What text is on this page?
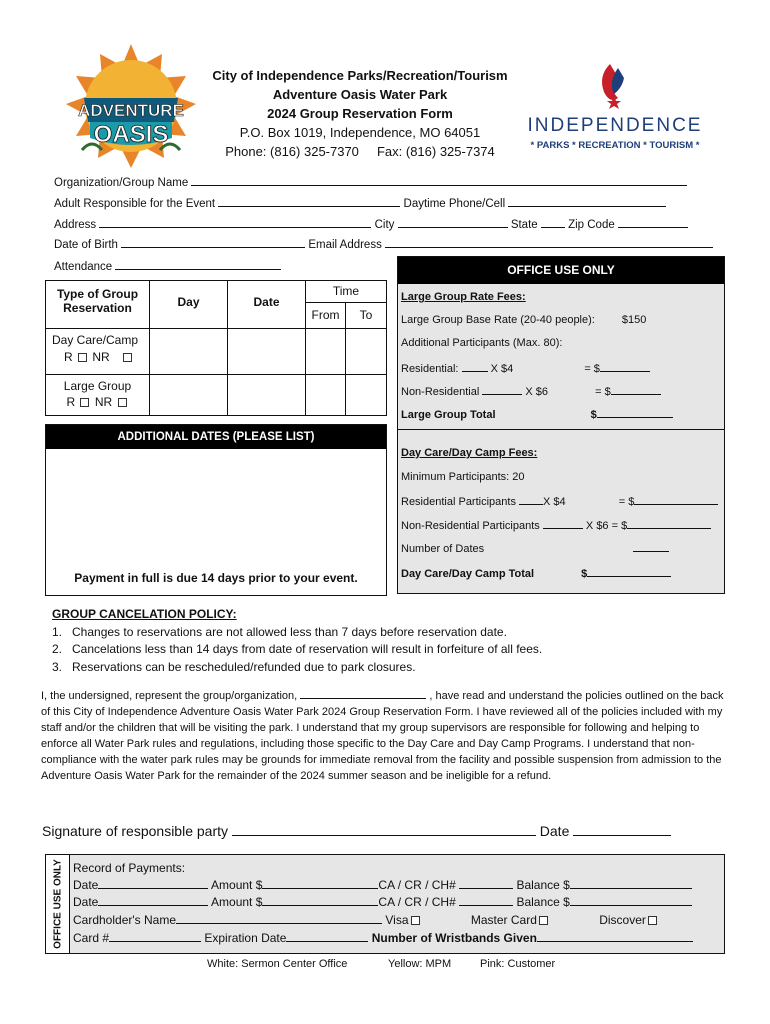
ADVENTURE
OASIS
City of Independence Parks/Recreation/Tourism
Adventure Oasis Water Park
2024 Group Reservation Form
P.O. Box 1019, Independence, MO 64051
Phone: (816) 325-7370     Fax: (816) 325-7374
INDEPENDENCE
* PARKS * RECREATION * TOURISM *
Organization/Group Name
Adult Responsible for the Event	Daytime Phone/Cell
Address	City	State	Zip Code
Date of Birth	Email Address
Attendance
Type of Group Reservation	Day	Date
Time
From	To
Day Care/Camp
R NR
Large Group
R NR
ADDITIONAL DATES (PLEASE LIST)
Payment in full is due 14 days prior to your event.
OFFICE USE ONLY
Large Group Rate Fees:
Large Group Base Rate (20-40 people): $150
Additional Participants (Max. 80):
Residential:	X $4	= $
Non-Residential	X $6	= $
Large Group Total	$
Day Care/Day Camp Fees:
Minimum Participants: 20
Residential Participants X $4	= $
Non-Residential Participants	X $6 = $
Number of Dates
Day Care/Day Camp Total	$
GROUP CANCELATION POLICY:
1.   Changes to reservations are not allowed less than 7 days before reservation date.
2.   Cancelations less than 14 days from date of reservation will result in forfeiture of all fees.
3.   Reservations can be rescheduled/refunded due to park closures.
I, the undersigned, represent the group/organization,	, have read and understand the policies outlined on the back of this City of Independence Adventure Oasis Water Park 2024 Group Reservation Form. I have reviewed all of the policies included with my staff and/or the children that will be visiting the park. I understand that my group supervisors are responsible for following and helping to enforce all Water Park rules and regulations, including those specific to the Day Care and Day Camp Programs. I understand that non-compliance with the water park rules may be grounds for immediate removal from the facility and possible suspension from admission to the Adventure Oasis Water Park for the remainder of the 2024 summer season and be ineligible for a refund.
Signature of responsible party	Date
OFFICE USE ONLY Record of Payments:
Date	Amount $	CA / CR / CH#	Balance $
Date	Amount $	CA / CR / CH#	Balance $
Cardholder's Name	Visa	Master Card	Discover
Card #	Expiration Date	Number of Wristbands Given
White: Sermon Center Office	Yellow: MPM	Pink: Customer
